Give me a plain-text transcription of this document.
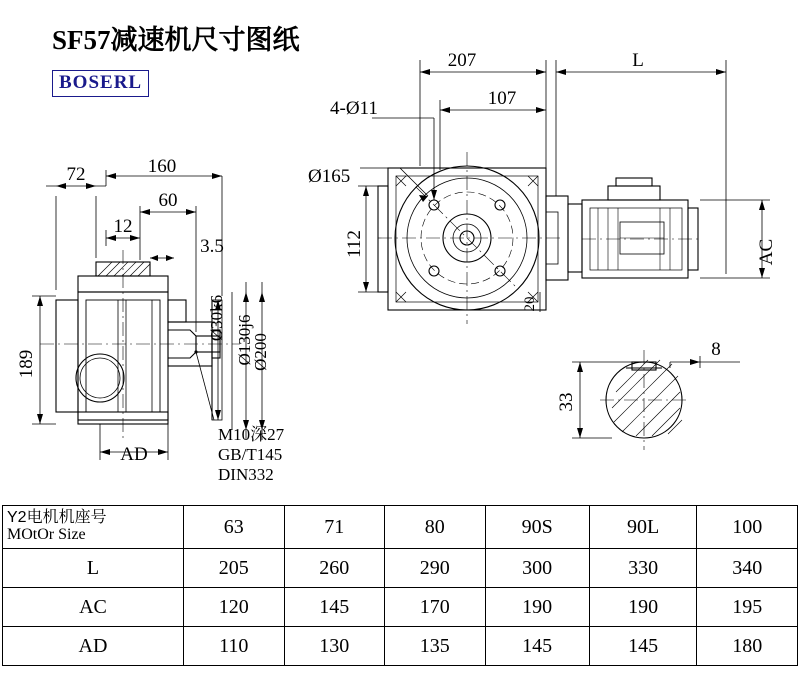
SF57减速机尺寸图纸
BOSERL
207	L
107
4-Ø11
Ø165
112
20
AC
8
33
72	160
60
12
3.5
189
AD
Ø30k6 Ø130j6
Ø200
M10深27
GB/T145
DIN332
Y2电机机座号
MOtOr Size	63	71	80	90S	90L	100
L	205	260	290	300	330	340
AC	120	145	170	190	190	195
AD	110	130	135	145	145	180
